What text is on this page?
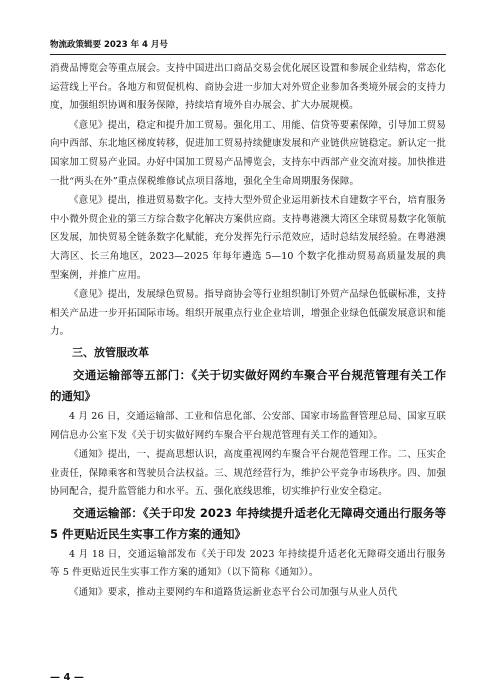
物流政策辑要 2023 年 4 月号

消费品博览会等重点展会。支持中国进出口商品交易会优化展区设置和参展企业结构，常态化运营线上平台。各地方和贸促机构、商协会进一步加大对外贸企业参加各类境外展会的支持力度，加强组织协调和服务保障，持续培育境外自办展会、扩大办展规模。

《意见》提出，稳定和提升加工贸易。强化用工、用能、信贷等要素保障，引导加工贸易向中西部、东北地区梯度转移，促进加工贸易持续健康发展和产业链供应链稳定。新认定一批国家加工贸易产业园。办好中国加工贸易产品博览会，支持东中西部产业交流对接。加快推进一批“两头在外”重点保税维修试点项目落地，强化全生命周期服务保障。

《意见》提出，推进贸易数字化。支持大型外贸企业运用新技术自建数字平台，培育服务中小微外贸企业的第三方综合数字化解决方案供应商。支持粤港澳大湾区全球贸易数字化领航区发展，加快贸易全链条数字化赋能，充分发挥先行示范效应，适时总结发展经验。在粤港澳大湾区、长三角地区，2023—2025 年每年遴选 5—10 个数字化推动贸易高质量发展的典型案例，并推广应用。

《意见》提出，发展绿色贸易。指导商协会等行业组织制订外贸产品绿色低碳标准，支持相关产品进一步开拓国际市场。组织开展重点行业企业培训，增强企业绿色低碳发展意识和能力。

三、放管服改革
交通运输部等五部门：《关于切实做好网约车聚合平台规范管理有关工作的通知》

4 月 26 日，交通运输部、工业和信息化部、公安部、国家市场监督管理总局、国家互联网信息办公室下发《关于切实做好网约车聚合平台规范管理有关工作的通知》。

《通知》提出，一、提高思想认识，高度重视网约车聚合平台规范管理工作。二、压实企业责任，保障乘客和驾驶员合法权益。三、规范经营行为，维护公平竞争市场秩序。四、加强协同配合，提升监管能力和水平。五、强化底线思维，切实维护行业安全稳定。

交通运输部：《关于印发 2023 年持续提升适老化无障碍交通出行服务等 5 件更贴近民生实事工作方案的通知》

4 月 18 日，交通运输部发布《关于印发 2023 年持续提升适老化无障碍交通出行服务等 5 件更贴近民生实事工作方案的通知》（以下简称《通知》）。

《通知》要求，推动主要网约车和道路货运新业态平台公司加强与从业人员代

— 4 —
